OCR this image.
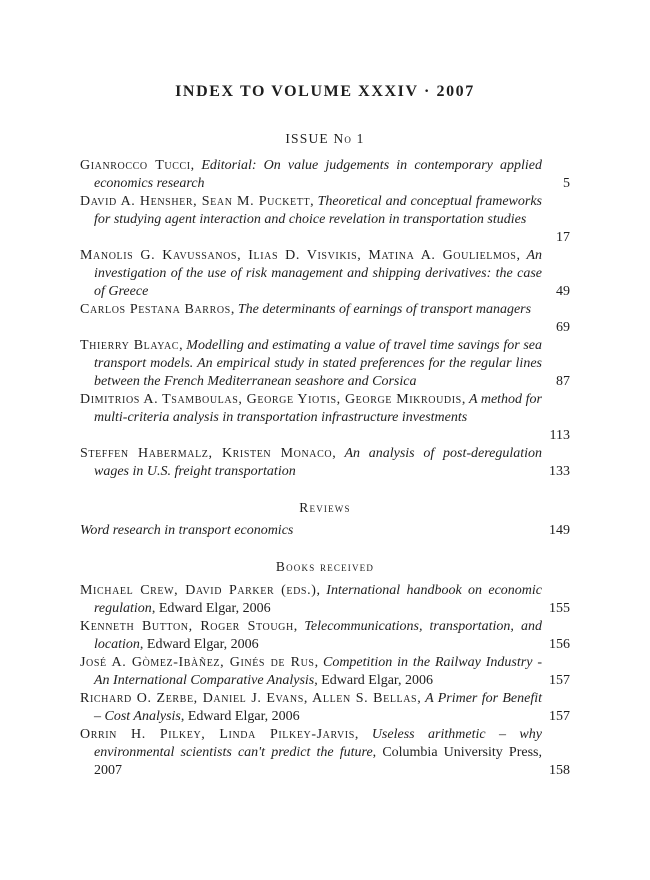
INDEX TO VOLUME XXXIV · 2007
ISSUE No 1
Gianrocco Tucci, Editorial: On value judgements in contemporary applied economics research	5
David A. Hensher, Sean M. Puckett, Theoretical and conceptual frameworks for studying agent interaction and choice revelation in transportation studies
17
Manolis G. Kavussanos, Ilias D. Visvikis, Matina A. Goulielmos, An investigation of the use of risk management and shipping derivatives: the case of Greece	49
Carlos Pestana Barros, The determinants of earnings of transport managers
69
Thierry Blayac, Modelling and estimating a value of travel time savings for sea transport models. An empirical study in stated preferences for the regular lines between the French Mediterranean seashore and Corsica	87
Dimitrios A. Tsamboulas, George Yiotis, George Mikroudis, A method for multi-criteria analysis in transportation infrastructure investments
113
Steffen Habermalz, Kristen Monaco, An analysis of post-deregulation wages in U.S. freight transportation	133
Reviews
Word research in transport economics	149
Books received
Michael Crew, David Parker (eds.), International handbook on economic regulation, Edward Elgar, 2006	155
Kenneth Button, Roger Stough, Telecommunications, transportation, and location, Edward Elgar, 2006	156
José A. Gòmez-Ibàñez, Ginés de Rus, Competition in the Railway Industry - An International Comparative Analysis, Edward Elgar, 2006	157
Richard O. Zerbe, Daniel J. Evans, Allen S. Bellas, A Primer for Benefit – Cost Analysis, Edward Elgar, 2006	157
Orrin H. Pilkey, Linda Pilkey-Jarvis, Useless arithmetic – why environmental scientists can't predict the future, Columbia University Press, 2007	158
